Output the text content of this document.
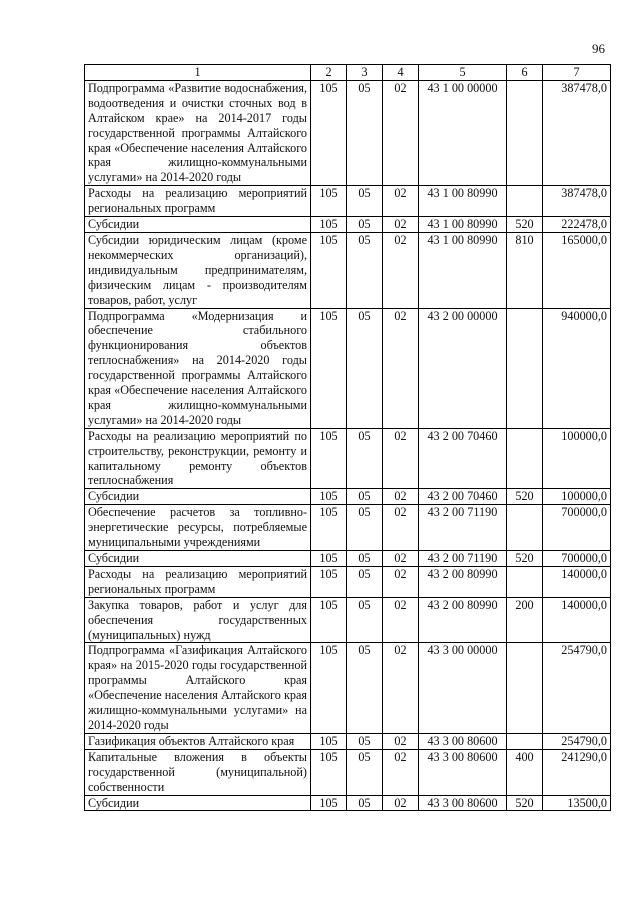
96
1	2	3	4	5	6	7
Подпрограмма «Развитие водоснабжения, водоотведения и очистки сточных вод в Алтайском крае» на 2014-2017 годы государственной программы Алтайского края «Обеспечение населения Алтайского края жилищно-коммунальными услугами» на 2014-2020 годы	105	05	02	43 1 00 00000		387478,0
Расходы на реализацию мероприятий региональных программ	105	05	02	43 1 00 80990		387478,0
Субсидии	105	05	02	43 1 00 80990	520	222478,0
Субсидии юридическим лицам (кроме некоммерческих организаций), индивидуальным предпринимателям, физическим лицам - производителям товаров, работ, услуг	105	05	02	43 1 00 80990	810	165000,0
Подпрограмма «Модернизация и обеспечение стабильного функционирования объектов теплоснабжения» на 2014-2020 годы государственной программы Алтайского края «Обеспечение населения Алтайского края жилищно-коммунальными услугами» на 2014-2020 годы	105	05	02	43 2 00 00000		940000,0
Расходы на реализацию мероприятий по строительству, реконструкции, ремонту и капитальному ремонту объектов теплоснабжения	105	05	02	43 2 00 70460		100000,0
Субсидии	105	05	02	43 2 00 70460	520	100000,0
Обеспечение расчетов за топливно-энергетические ресурсы, потребляемые муниципальными учреждениями	105	05	02	43 2 00 71190		700000,0
Субсидии	105	05	02	43 2 00 71190	520	700000,0
Расходы на реализацию мероприятий региональных программ	105	05	02	43 2 00 80990		140000,0
Закупка товаров, работ и услуг для обеспечения государственных (муниципальных) нужд	105	05	02	43 2 00 80990	200	140000,0
Подпрограмма «Газификация Алтайского края» на 2015-2020 годы государственной программы Алтайского края «Обеспечение населения Алтайского края жилищно-коммунальными услугами» на 2014-2020 годы	105	05	02	43 3 00 00000		254790,0
Газификация объектов Алтайского края	105	05	02	43 3 00 80600		254790,0
Капитальные вложения в объекты государственной (муниципальной) собственности	105	05	02	43 3 00 80600	400	241290,0
Субсидии	105	05	02	43 3 00 80600	520	13500,0
